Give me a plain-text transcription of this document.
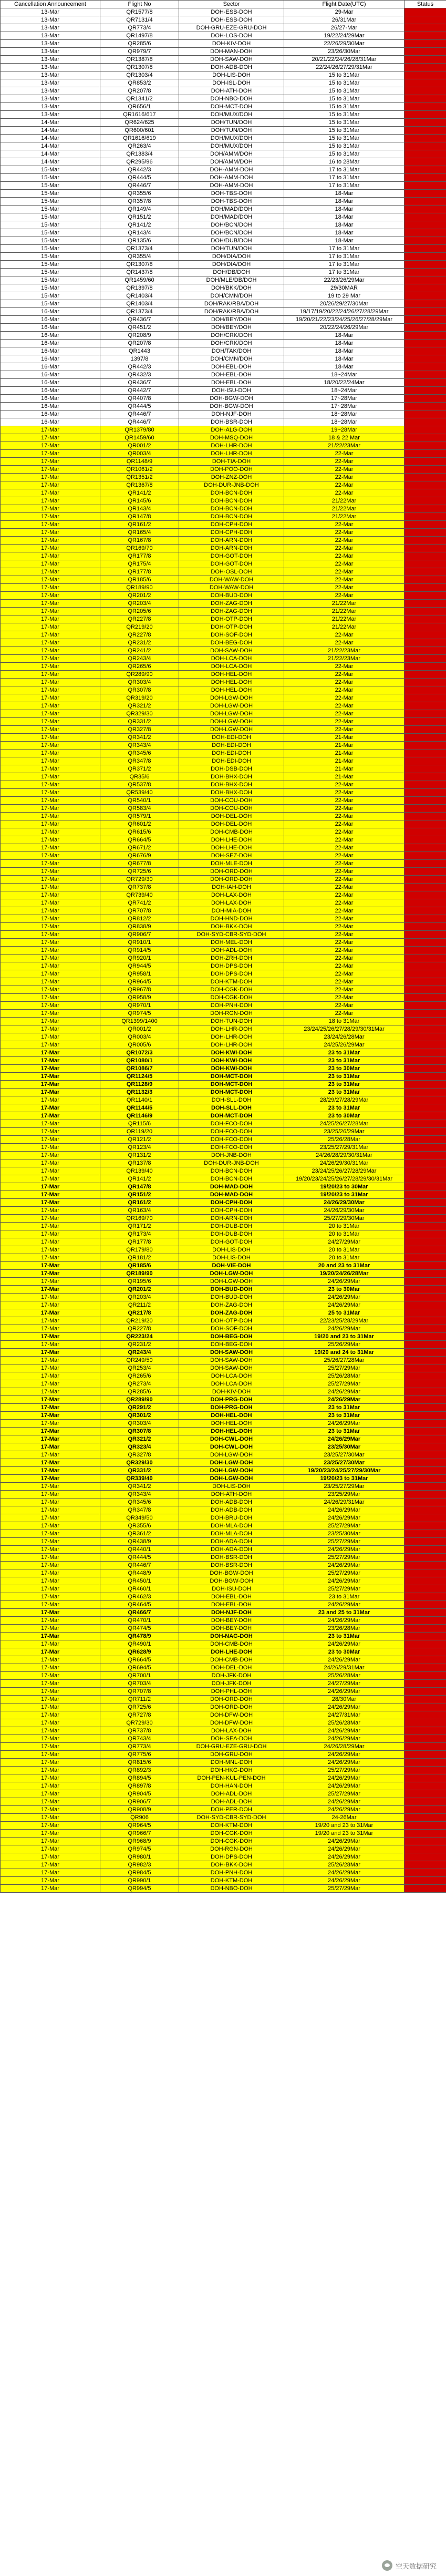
Cancellation Announcement	Flight No	Sector	Flight Date(UTC)	Status
13-Mar	QR1577/8	DOH-ESB-DOH	29-Mar	
13-Mar	QR7131/4	DOH-ESB-DOH	26/31Mar	
13-Mar	QR773/4	DOH-GRU-EZE-GRU-DOH	26/27-Mar	
13-Mar	QR1497/8	DOH-LOS-DOH	19/22/24/29Mar	
13-Mar	QR285/6	DOH-KIV-DOH	22/26/29/30Mar	
13-Mar	QR979/7	DOH-MAN-DOH	23/26/30Mar	
13-Mar	QR1387/8	DOH-SAW-DOH	20/21/22/24/26/28/31Mar	
13-Mar	QR1307/8	DOH-ADB-DOH	22/24/26/27/29/31Mar	
13-Mar	QR1303/4	DOH-LIS-DOH	15 to 31Mar	
13-Mar	QR853/2	DOH-ISL-DOH	15 to 31Mar	
13-Mar	QR207/8	DOH-ATH-DOH	15 to 31Mar	
13-Mar	QR1341/2	DOH-NBO-DOH	15 to 31Mar	
13-Mar	QR656/1	DOH-MCT-DOH	15 to 31Mar	
13-Mar	QR1616/617	DOH/MUX/DOH	15 to 31Mar	
14-Mar	QR624/625	DOH/TUN/DOH	15 to 31Mar	
14-Mar	QR600/601	DOH/TUN/DOH	15 to 31Mar	
14-Mar	QR1616/619	DOH/MUX/DOH	15 to 31Mar	
14-Mar	QR263/4	DOH/MUX/DOH	15 to 31Mar	
14-Mar	QR1383/4	DOH/AMM/DOH	15 to 31Mar	
14-Mar	QR295/96	DOH/AMM/DOH	16 to 28Mar	
15-Mar	QR442/3	DOH-AMM-DOH	17 to 31Mar	
15-Mar	QR444/5	DOH-AMM-DOH	17 to 31Mar	
15-Mar	QR446/7	DOH-AMM-DOH	17 to 31Mar	
15-Mar	QR355/6	DOH-TBS-DOH	18-Mar	
15-Mar	QR357/8	DOH-TBS-DOH	18-Mar	
15-Mar	QR149/4	DOH/MAD/DOH	18-Mar	
15-Mar	QR151/2	DOH/MAD/DOH	18-Mar	
15-Mar	QR141/2	DOH/BCN/DOH	18-Mar	
15-Mar	QR143/4	DOH/BCN/DOH	18-Mar	
15-Mar	QR135/6	DOH/DUB/DOH	18-Mar	
15-Mar	QR1373/4	DOH/TUN/DOH	17 to 31Mar	
15-Mar	QR355/4	DOH/DIA/DOH	17 to 31Mar	
15-Mar	QR1307/8	DOH/DIA/DOH	17 to 31Mar	
15-Mar	QR1437/8	DOH/DB/DOH	17 to 31Mar	
15-Mar	QR1459/60	DOH/MLE/DB/DOH	22/23/26/29Mar	
15-Mar	QR1397/8	DOH/BKK/DOH	29/30MAR	
15-Mar	QR1403/4	DOH/CMN/DOH	19 to 29 Mar	
15-Mar	QR1403/4	DOH/RAK/RBA/DOH	20/26/29/27/30Mar	
16-Mar	QR1373/4	DOH/RAK/RBA/DOH	19/17/19/20/22/24/26/27/28/29Mar	
16-Mar	QR436/7	DOH/BEY/DOH	19/20/21/22/23/24/25/26/27/28/29Mar	
16-Mar	QR451/2	DOH/BEY/DOH	20/22/24/26/29Mar	
16-Mar	QR208/9	DOH/CRK/DOH	18-Mar	
16-Mar	QR207/8	DOH/CRK/DOH	18-Mar	
16-Mar	QR1443	DOH/TAK/DOH	18-Mar	
16-Mar	1397/8	DOH/CMN/DOH	18-Mar	
16-Mar	QR442/3	DOH-EBL-DOH	18-Mar	
16-Mar	QR432/3	DOH-EBL-DOH	18~24Mar	
16-Mar	QR436/7	DOH-EBL-DOH	18/20/22/24Mar	
16-Mar	QR442/7	DOH-ISU-DOH	18~24Mar	
16-Mar	QR407/8	DOH-BGW-DOH	17~28Mar	
16-Mar	QR444/5	DOH-BGW-DOH	17~28Mar	
16-Mar	QR446/7	DOH-NJF-DOH	18~28Mar	
16-Mar	QR446/7	DOH-BSR-DOH	18~28Mar	
17-Mar	QR1379/80	DOH-ALG-DOH	19~28Mar	
17-Mar	QR1459/60	DOH-MSQ-DOH	18 & 22 Mar	
17-Mar	QR001/2	DOH-LHR-DOH	21/22/23Mar	
17-Mar	QR003/4	DOH-LHR-DOH	22-Mar	
17-Mar	QR1148/9	DOH-TIA-DOH	22-Mar	
17-Mar	QR1061/2	DOH-POO-DOH	22-Mar	
17-Mar	QR1351/2	DOH-ZNZ-DOH	22-Mar	
17-Mar	QR1367/8	DOH-DUR-JNB-DOH	22-Mar	
17-Mar	QR141/2	DOH-BCN-DOH	22-Mar	
17-Mar	QR145/6	DOH-BCN-DOH	21/22Mar	
17-Mar	QR143/4	DOH-BCN-DOH	21/22Mar	
17-Mar	QR147/8	DOH-BCN-DOH	21/22Mar	
17-Mar	QR161/2	DOH-CPH-DOH	22-Mar	
17-Mar	QR165/4	DOH-CPH-DOH	22-Mar	
17-Mar	QR167/8	DOH-ARN-DOH	22-Mar	
17-Mar	QR169/70	DOH-ARN-DOH	22-Mar	
17-Mar	QR177/8	DOH-GOT-DOH	22-Mar	
17-Mar	QR175/4	DOH-GOT-DOH	22-Mar	
17-Mar	QR177/8	DOH-OSL-DOH	22-Mar	
17-Mar	QR185/6	DOH-WAW-DOH	22-Mar	
17-Mar	QR189/90	DOH-WAW-DOH	22-Mar	
17-Mar	QR201/2	DOH-BUD-DOH	22-Mar	
17-Mar	QR203/4	DOH-ZAG-DOH	21/22Mar	
17-Mar	QR205/6	DOH-ZAG-DOH	21/22Mar	
17-Mar	QR227/8	DOH-OTP-DOH	21/22Mar	
17-Mar	QR219/20	DOH-OTP-DOH	21/22Mar	
17-Mar	QR227/8	DOH-SOF-DOH	22-Mar	
17-Mar	QR231/2	DOH-BEG-DOH	22-Mar	
17-Mar	QR241/2	DOH-SAW-DOH	21/22/23Mar	
17-Mar	QR243/4	DOH-LCA-DOH	21/22/23Mar	
17-Mar	QR265/6	DOH-LCA-DOH	22-Mar	
17-Mar	QR289/90	DOH-HEL-DOH	22-Mar	
17-Mar	QR303/4	DOH-HEL-DOH	22-Mar	
17-Mar	QR307/8	DOH-HEL-DOH	22-Mar	
17-Mar	QR319/20	DOH-LGW-DOH	22-Mar	
17-Mar	QR321/2	DOH-LGW-DOH	22-Mar	
17-Mar	QR329/30	DOH-LGW-DOH	22-Mar	
17-Mar	QR331/2	DOH-LGW-DOH	22-Mar	
17-Mar	QR327/8	DOH-LGW-DOH	22-Mar	
17-Mar	QR341/2	DOH-EDI-DOH	21-Mar	
17-Mar	QR343/4	DOH-EDI-DOH	21-Mar	
17-Mar	QR345/6	DOH-EDI-DOH	21-Mar	
17-Mar	QR347/8	DOH-EDI-DOH	21-Mar	
17-Mar	QR371/2	DOH-DSB-DOH	21-Mar	
17-Mar	QR35/6	DOH-BHX-DOH	21-Mar	
17-Mar	QR537/8	DOH-BHX-DOH	22-Mar	
17-Mar	QR539/40	DOH-BHX-DOH	22-Mar	
17-Mar	QR540/1	DOH-COU-DOH	22-Mar	
17-Mar	QR583/4	DOH-COU-DOH	22-Mar	
17-Mar	QR579/1	DOH-DEL-DOH	22-Mar	
17-Mar	QR601/2	DOH-DEL-DOH	22-Mar	
17-Mar	QR615/6	DOH-CMB-DOH	22-Mar	
17-Mar	QR664/5	DOH-LHE-DOH	22-Mar	
17-Mar	QR671/2	DOH-LHE-DOH	22-Mar	
17-Mar	QR676/9	DOH-SEZ-DOH	22-Mar	
17-Mar	QR677/8	DOH-MLE-DOH	22-Mar	
17-Mar	QR725/6	DOH-ORD-DOH	22-Mar	
17-Mar	QR729/30	DOH-ORD-DOH	22-Mar	
17-Mar	QR737/8	DOH-IAH-DOH	22-Mar	
17-Mar	QR739/40	DOH-LAX-DOH	22-Mar	
17-Mar	QR741/2	DOH-LAX-DOH	22-Mar	
17-Mar	QR707/8	DOH-MIA-DOH	22-Mar	
17-Mar	QR812/2	DOH-HND-DOH	22-Mar	
17-Mar	QR838/9	DOH-BKK-DOH	22-Mar	
17-Mar	QR906/7	DOH-SYD-CBR-SYD-DOH	22-Mar	
17-Mar	QR910/1	DOH-MEL-DOH	22-Mar	
17-Mar	QR914/5	DOH-ADL-DOH	22-Mar	
17-Mar	QR920/1	DOH-ZRH-DOH	22-Mar	
17-Mar	QR944/5	DOH-DPS-DOH	22-Mar	
17-Mar	QR958/1	DOH-DPS-DOH	22-Mar	
17-Mar	QR964/5	DOH-KTM-DOH	22-Mar	
17-Mar	QR967/8	DOH-CGK-DOH	22-Mar	
17-Mar	QR958/9	DOH-CGK-DOH	22-Mar	
17-Mar	QR970/1	DOH-PNH-DOH	22-Mar	
17-Mar	QR974/5	DOH-RGN-DOH	22-Mar	
17-Mar	QR1399/1400	DOH-TUN-DOH	18 to 31Mar	
17-Mar	QR001/2	DOH-LHR-DOH	23/24/25/26/27/28/29/30/31Mar	
17-Mar	QR003/4	DOH-LHR-DOH	23/24/26/28Mar	
17-Mar	QR005/6	DOH-LHR-DOH	24/25/26/29Mar	
17-Mar	QR1072/3	DOH-KWI-DOH	23 to 31Mar	
17-Mar	QR1080/1	DOH-KWI-DOH	23 to 31Mar	
17-Mar	QR1086/7	DOH-KWI-DOH	23 to 30Mar	
17-Mar	QR1124/5	DOH-MCT-DOH	23 to 31Mar	
17-Mar	QR1128/9	DOH-MCT-DOH	23 to 31Mar	
17-Mar	QR1132/3	DOH-MCT-DOH	23 to 31Mar	
17-Mar	QR1140/1	DOH-SLL-DOH	28/29/27/28/29Mar	
17-Mar	QR1144/5	DOH-SLL-DOH	23 to 31Mar	
17-Mar	QR1146/9	DOH-MCT-DOH	23 to 30Mar	
17-Mar	QR115/6	DOH-FCO-DOH	24/25/26/27/28Mar	
17-Mar	QR119/20	DOH-FCO-DOH	23/25/26/29Mar	
17-Mar	QR121/2	DOH-FCO-DOH	25/26/28Mar	
17-Mar	QR123/4	DOH-FCO-DOH	23/25/27/29/31Mar	
17-Mar	QR131/2	DOH-JNB-DOH	24/26/28/29/30/31Mar	
17-Mar	QR137/8	DOH-DUR-JNB-DOH	24/26/29/30/31Mar	
17-Mar	QR139/40	DOH-BCN-DOH	23/24/25/26/27/28/29Mar	
17-Mar	QR141/2	DOH-BCN-DOH	19/20/23/24/25/26/27/28/29/30/31Mar	
17-Mar	QR147/8	DOH-MAD-DOH	19/20/23 to 30Mar	
17-Mar	QR151/2	DOH-MAD-DOH	19/20/23 to 31Mar	
17-Mar	QR161/2	DOH-CPH-DOH	24/26/29/30Mar	
17-Mar	QR163/4	DOH-CPH-DOH	24/26/29/30Mar	
17-Mar	QR169/70	DOH-ARN-DOH	25/27/29/30Mar	
17-Mar	QR171/2	DOH-DUB-DOH	20 to 31Mar	
17-Mar	QR173/4	DOH-DUB-DOH	20 to 31Mar	
17-Mar	QR177/8	DOH-GOT-DOH	24/27/29Mar	
17-Mar	QR179/80	DOH-LIS-DOH	20 to 31Mar	
17-Mar	QR181/2	DOH-LIS-DOH	20 to 31Mar	
17-Mar	QR185/6	DOH-VIE-DOH	20 and 23 to 31Mar	
17-Mar	QR189/90	DOH-LGW-DOH	19/20/24/26/28Mar	
17-Mar	QR195/6	DOH-LGW-DOH	24/26/29Mar	
17-Mar	QR201/2	DOH-BUD-DOH	23 to 30Mar	
17-Mar	QR203/4	DOH-BUD-DOH	24/26/29Mar	
17-Mar	QR211/2	DOH-ZAG-DOH	24/26/29Mar	
17-Mar	QR217/8	DOH-ZAG-DOH	25 to 31Mar	
17-Mar	QR219/20	DOH-OTP-DOH	22/23/25/28/29Mar	
17-Mar	QR227/8	DOH-SOF-DOH	24/26/29Mar	
17-Mar	QR223/24	DOH-BEG-DOH	19/20 and 23 to 31Mar	
17-Mar	QR231/2	DOH-BEG-DOH	25/26/29Mar	
17-Mar	QR243/4	DOH-SAW-DOH	19/20 and 24 to 31Mar	
17-Mar	QR249/50	DOH-SAW-DOH	25/26/27/28Mar	
17-Mar	QR253/4	DOH-SAW-DOH	25/27/29Mar	
17-Mar	QR265/6	DOH-LCA-DOH	25/26/28Mar	
17-Mar	QR273/4	DOH-LCA-DOH	25/27/29Mar	
17-Mar	QR285/6	DOH-KIV-DOH	24/26/29Mar	
17-Mar	QR289/90	DOH-PRG-DOH	24/26/29Mar	
17-Mar	QR291/2	DOH-PRG-DOH	23 to 31Mar	
17-Mar	QR301/2	DOH-HEL-DOH	23 to 31Mar	
17-Mar	QR303/4	DOH-HEL-DOH	24/26/29Mar	
17-Mar	QR307/8	DOH-HEL-DOH	23 to 31Mar	
17-Mar	QR321/2	DOH-CWL-DOH	24/26/29Mar	
17-Mar	QR323/4	DOH-CWL-DOH	23/25/30Mar	
17-Mar	QR327/8	DOH-LGW-DOH	23/25/27/30Mar	
17-Mar	QR329/30	DOH-LGW-DOH	23/25/27/30Mar	
17-Mar	QR331/2	DOH-LGW-DOH	19/20/23/24/25/27/29/30Mar	
17-Mar	QR339/40	DOH-LGW-DOH	19/20/23 to 31Mar	
17-Mar	QR341/2	DOH-LIS-DOH	23/25/27/29Mar	
17-Mar	QR343/4	DOH-ATH-DOH	23/25/29Mar	
17-Mar	QR345/6	DOH-ADB-DOH	24/26/29/31Mar	
17-Mar	QR347/8	DOH-ADB-DOH	24/26/29Mar	
17-Mar	QR349/50	DOH-BRU-DOH	24/26/29Mar	
17-Mar	QR355/6	DOH-MLA-DOH	25/27/29Mar	
17-Mar	QR361/2	DOH-MLA-DOH	23/25/30Mar	
17-Mar	QR438/9	DOH-ADA-DOH	25/27/29Mar	
17-Mar	QR440/1	DOH-ADA-DOH	24/26/29Mar	
17-Mar	QR444/5	DOH-BSR-DOH	25/27/29Mar	
17-Mar	QR446/7	DOH-BSR-DOH	24/26/29Mar	
17-Mar	QR448/9	DOH-BGW-DOH	25/27/29Mar	
17-Mar	QR450/1	DOH-BGW-DOH	24/26/29Mar	
17-Mar	QR460/1	DOH-ISU-DOH	25/27/29Mar	
17-Mar	QR462/3	DOH-EBL-DOH	23 to 31Mar	
17-Mar	QR464/5	DOH-EBL-DOH	24/26/29Mar	
17-Mar	QR466/7	DOH-NJF-DOH	23 and 25 to 31Mar	
17-Mar	QR470/1	DOH-BEY-DOH	24/26/29Mar	
17-Mar	QR474/5	DOH-BEY-DOH	23/26/28Mar	
17-Mar	QR478/9	DOH-NAG-DOH	23 to 31Mar	
17-Mar	QR490/1	DOH-CMB-DOH	24/26/29Mar	
17-Mar	QR628/9	DOH-LHE-DOH	23 to 30Mar	
17-Mar	QR664/5	DOH-CMB-DOH	24/26/29Mar	
17-Mar	QR694/5	DOH-DEL-DOH	24/26/29/31Mar	
17-Mar	QR700/1	DOH-JFK-DOH	25/26/28Mar	
17-Mar	QR703/4	DOH-JFK-DOH	24/27/29Mar	
17-Mar	QR707/8	DOH-PHL-DOH	24/26/29Mar	
17-Mar	QR711/2	DOH-ORD-DOH	28/30Mar	
17-Mar	QR725/6	DOH-ORD-DOH	24/26/29Mar	
17-Mar	QR727/8	DOH-DFW-DOH	24/27/31Mar	
17-Mar	QR729/30	DOH-DFW-DOH	25/26/28Mar	
17-Mar	QR737/8	DOH-LAX-DOH	24/26/29Mar	
17-Mar	QR743/4	DOH-SEA-DOH	24/26/29Mar	
17-Mar	QR773/4	DOH-GRU-EZE-GRU-DOH	24/26/28/29Mar	
17-Mar	QR775/6	DOH-GRU-DOH	24/26/29Mar	
17-Mar	QR815/6	DOH-MNL-DOH	24/26/29Mar	
17-Mar	QR892/3	DOH-HKG-DOH	25/27/29Mar	
17-Mar	QR894/5	DOH-PEN-KUL-PEN-DOH	24/26/29Mar	
17-Mar	QR897/8	DOH-HAN-DOH	24/26/29Mar	
17-Mar	QR904/5	DOH-ADL-DOH	25/27/29Mar	
17-Mar	QR906/7	DOH-ADL-DOH	24/26/29Mar	
17-Mar	QR908/9	DOH-PER-DOH	24/26/29Mar	
17-Mar	QR906	DOH-SYD-CBR-SYD-DOH	24-26Mar	
17-Mar	QR964/5	DOH-KTM-DOH	19/20 and 23 to 31Mar	
17-Mar	QR966/7	DOH-CGK-DOH	19/20 and 23 to 31Mar	
17-Mar	QR968/9	DOH-CGK-DOH	24/26/29Mar	
17-Mar	QR974/5	DOH-RGN-DOH	24/26/29Mar	
17-Mar	QR980/1	DOH-DPS-DOH	24/26/29Mar	
17-Mar	QR982/3	DOH-BKK-DOH	25/26/28Mar	
17-Mar	QR984/5	DOH-PNH-DOH	24/26/29Mar	
17-Mar	QR990/1	DOH-KTM-DOH	24/26/29Mar	
17-Mar	QR994/5	DOH-NBO-DOH	25/27/29Mar	
空天数据研究
